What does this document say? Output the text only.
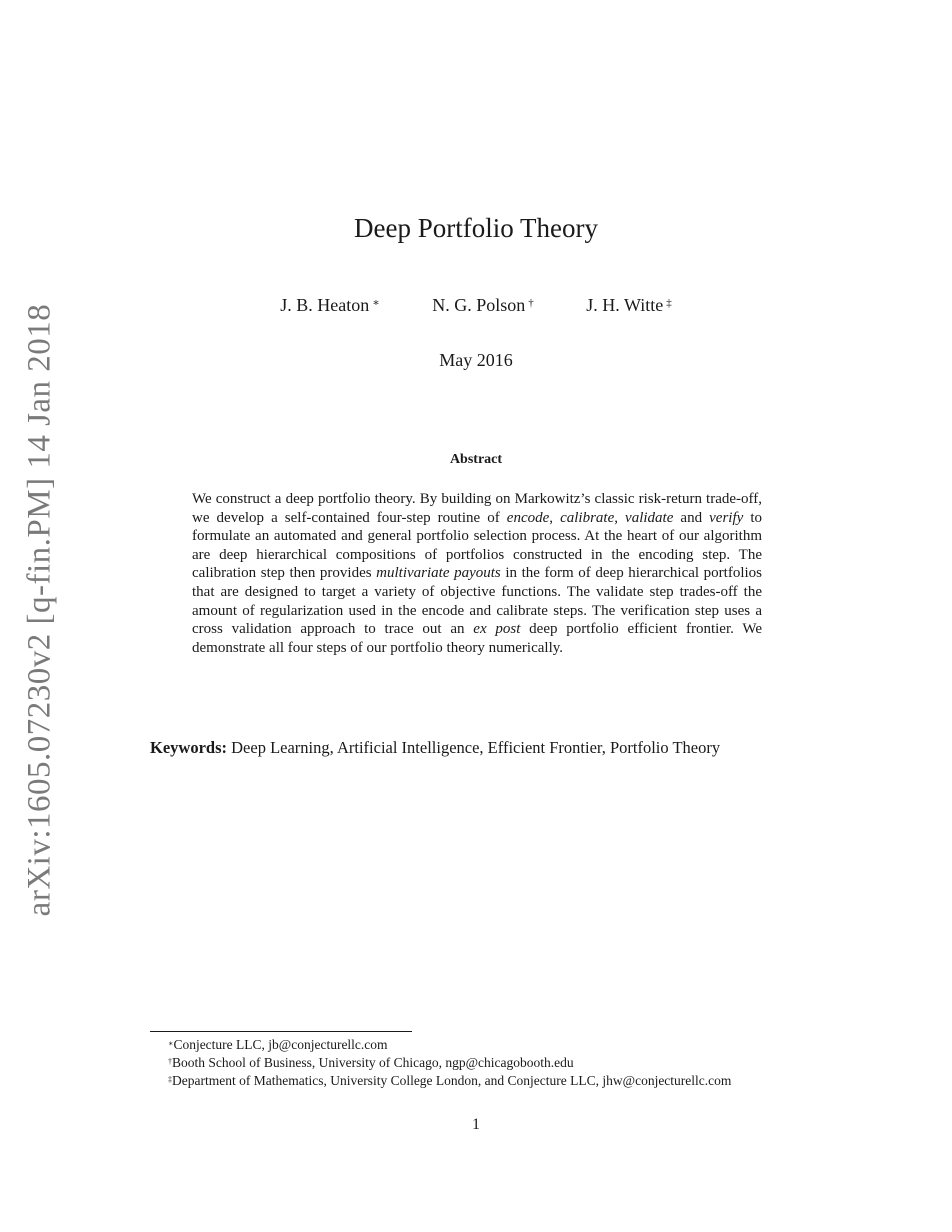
arXiv:1605.07230v2 [q-fin.PM] 14 Jan 2018
Deep Portfolio Theory
J. B. Heaton ∗	N. G. Polson †	J. H. Witte ‡
May 2016
Abstract
We construct a deep portfolio theory. By building on Markowitz’s classic risk-return trade-off, we develop a self-contained four-step routine of encode, calibrate, validate and verify to formulate an automated and general portfolio selection process. At the heart of our algorithm are deep hierarchical compositions of portfolios constructed in the encoding step. The calibration step then provides multivariate payouts in the form of deep hierarchical portfolios that are designed to target a variety of objective functions. The validate step trades-off the amount of regularization used in the encode and calibrate steps. The verification step uses a cross validation approach to trace out an ex post deep portfolio efficient frontier. We demonstrate all four steps of our portfolio theory numerically.
Keywords: Deep Learning, Artificial Intelligence, Efficient Frontier, Portfolio Theory
∗Conjecture LLC, jb@conjecturellc.com
†Booth School of Business, University of Chicago, ngp@chicagobooth.edu
‡Department of Mathematics, University College London, and Conjecture LLC, jhw@conjecturellc.com
1
